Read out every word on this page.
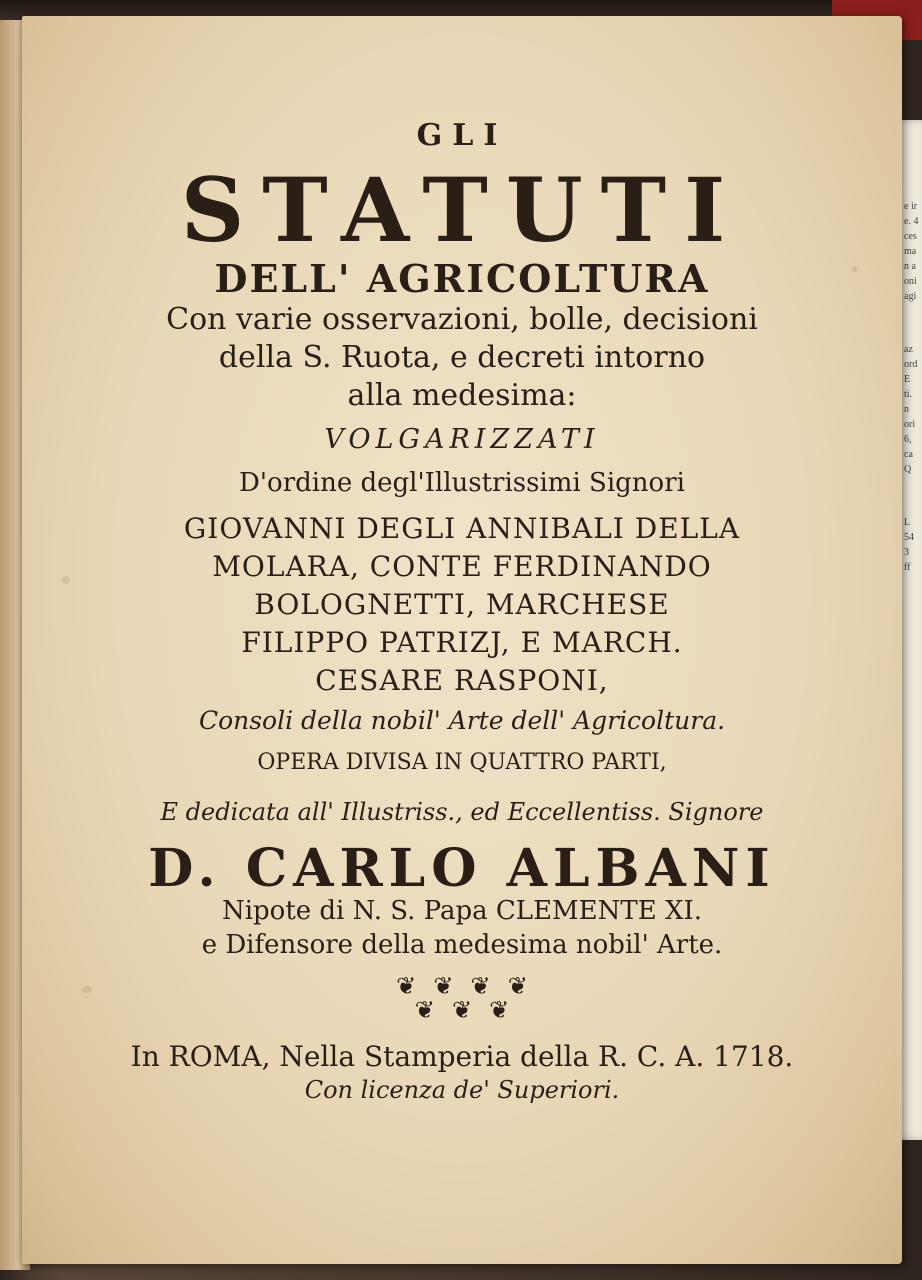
e ir
e. 4
ces
ma
n a
oni
agi
az
ord
E
ti.
n
ori
6,
ca
Q
L
54
3
ff
GLI
STATUTI
DELL' AGRICOLTURA
Con varie osservazioni, bolle, decisioni
della S. Ruota, e decreti intorno
alla medesima:
VOLGARIZZATI
D'ordine degl'Illustrissimi Signori
GIOVANNI DEGLI ANNIBALI DELLA
MOLARA, CONTE FERDINANDO
BOLOGNETTI, MARCHESE
FILIPPO PATRIZJ, E MARCH.
CESARE RASPONI,
Consoli della nobil' Arte dell' Agricoltura.
OPERA DIVISA IN QUATTRO PARTI,
E dedicata all' Illustriss., ed Eccellentiss. Signore
D. CARLO ALBANI
Nipote di N. S. Papa CLEMENTE XI.
e Difensore della medesima nobil' Arte.
❦ ❦ ❦ ❦
❦ ❦ ❦
In ROMA, Nella Stamperia della R. C. A. 1718.
Con licenza de' Superiori.
